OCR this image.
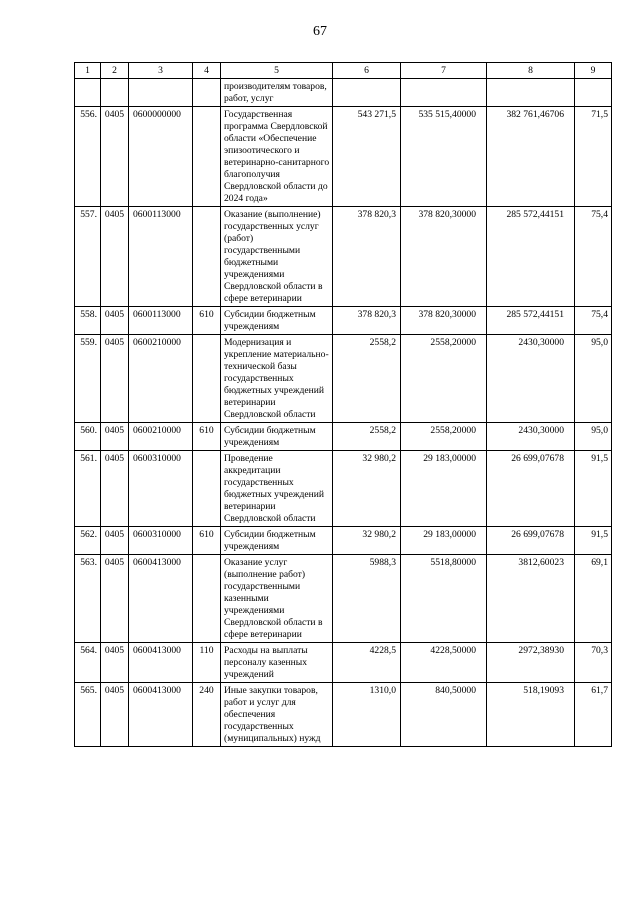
67
1	2	3	4	5	6	7	8	9
				производителям товаров, работ, услуг				
556.	0405	0600000000		Государственная программа Свердловской области «Обеспечение эпизоотического и ветеринарно-санитарного благополучия Свердловской области до 2024 года»	543 271,5	535 515,40000	382 761,46706	71,5
557.	0405	0600113000		Оказание (выполнение) государственных услуг (работ) государственными бюджетными учреждениями Свердловской области в сфере ветеринарии	378 820,3	378 820,30000	285 572,44151	75,4
558.	0405	0600113000	610	Субсидии бюджетным учреждениям	378 820,3	378 820,30000	285 572,44151	75,4
559.	0405	0600210000		Модернизация и укрепление материально-технической базы государственных бюджетных учреждений ветеринарии Свердловской области	2558,2	2558,20000	2430,30000	95,0
560.	0405	0600210000	610	Субсидии бюджетным учреждениям	2558,2	2558,20000	2430,30000	95,0
561.	0405	0600310000		Проведение аккредитации государственных бюджетных учреждений ветеринарии Свердловской области	32 980,2	29 183,00000	26 699,07678	91,5
562.	0405	0600310000	610	Субсидии бюджетным учреждениям	32 980,2	29 183,00000	26 699,07678	91,5
563.	0405	0600413000		Оказание услуг (выполнение работ) государственными казенными учреждениями Свердловской области в сфере ветеринарии	5988,3	5518,80000	3812,60023	69,1
564.	0405	0600413000	110	Расходы на выплаты персоналу казенных учреждений	4228,5	4228,50000	2972,38930	70,3
565.	0405	0600413000	240	Иные закупки товаров, работ и услуг для обеспечения государственных (муниципальных) нужд	1310,0	840,50000	518,19093	61,7
